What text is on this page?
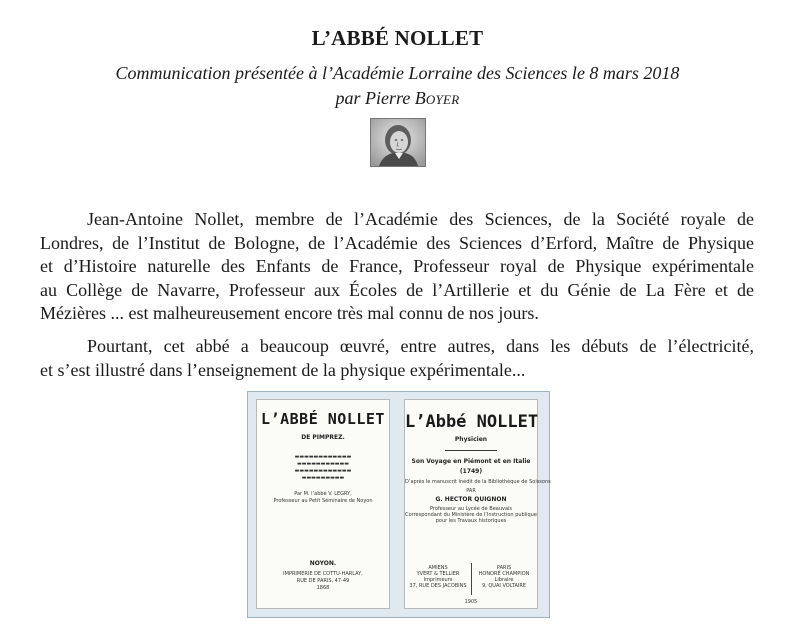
L’ABBÉ NOLLET
Communication présentée à l’Académie Lorraine des Sciences le 8 mars 2018
par Pierre BOYER
Jean-Antoine Nollet, membre de l’Académie des Sciences, de la Société royale de
Londres, de l’Institut de Bologne, de l’Académie des Sciences d’Erford, Maître de Physique
et d’Histoire naturelle des Enfants de France, Professeur royal de Physique expérimentale
au Collège de Navarre, Professeur aux Écoles de l’Artillerie et du Génie de La Fère et de
Mézières ... est malheureusement encore très mal connu de nos jours.
Pourtant, cet abbé a beaucoup œuvré, entre autres, dans les débuts de l’électricité,
et s’est illustré dans l’enseignement de la physique expérimentale...
L’ABBÉ NOLLET
DE PIMPREZ.
▬▬▬▬▬▬▬▬▬▬▬▬
▬▬▬▬▬▬▬▬▬▬▬
▬▬▬▬▬▬▬▬▬▬▬▬
▬▬▬▬▬▬▬▬▬
Par M. l’abbé V. LEGRY,
Professeur au Petit Séminaire de Noyon
NOYON.
IMPRIMERIE DE COTTU-HARLAY,
RUE DE PARIS, 47-49
1868
L’Abbé NOLLET
Physicien
Son Voyage en Piémont et en Italie
(1749)
D’après le manuscrit inédit de la Bibliothèque de Soissons
PAR
G. HECTOR QUIGNON
Professeur au Lycée de Beauvais
Correspondant du Ministère de l’Instruction publique
pour les Travaux historiques
AMIENS
YVERT & TELLIER
Imprimeurs
37, RUE DES JACOBINS
PARIS
HONORÉ CHAMPION
Libraire
9, QUAI VOLTAIRE
1905
